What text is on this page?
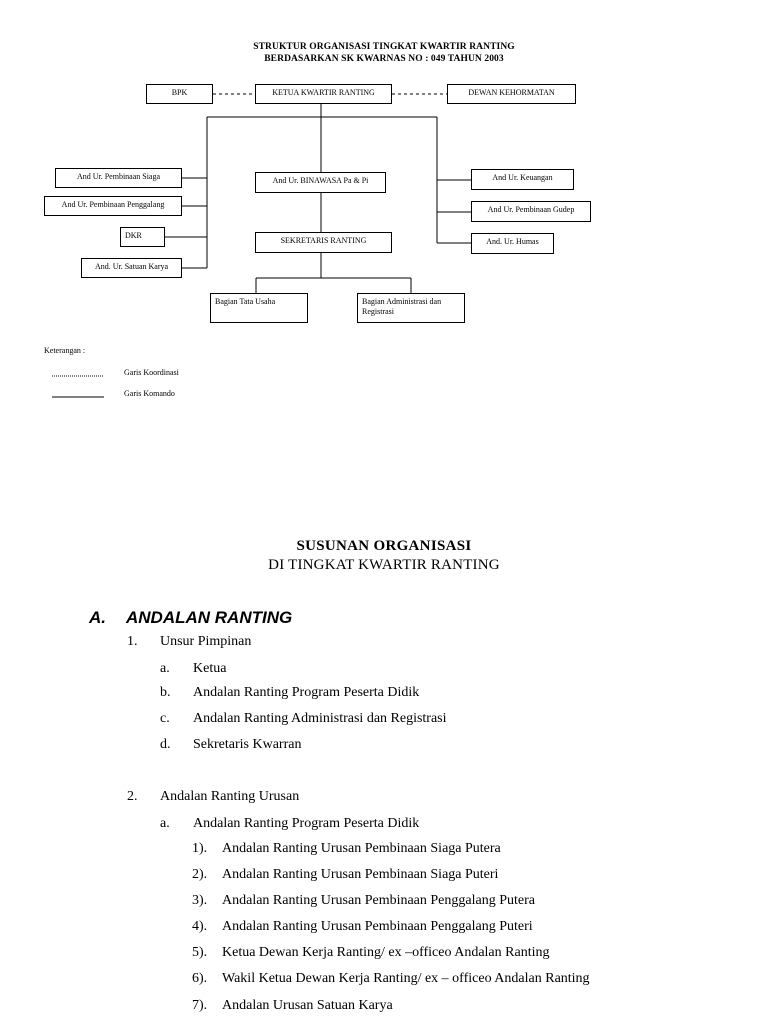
STRUKTUR ORGANISASI TINGKAT KWARTIR RANTING
BERDASARKAN SK KWARNAS NO : 049 TAHUN 2003
BPK	KETUA KWARTIR RANTING	DEWAN KEHORMATAN
And Ur. Pembinaan Siaga
And Ur. Pembinaan Penggalang
DKR
And. Ur. Satuan Karya
And Ur. BINAWASA Pa & Pi
SEKRETARIS RANTING
And Ur. Keuangan
And Ur. Pembinaan Gudep
And. Ur. Humas
Bagian Tata Usaha	Bagian Administrasi dan Registrasi
Keterangan :
Garis Koordinasi
Garis Komando
SUSUNAN ORGANISASI
DI TINGKAT KWARTIR RANTING
A. ANDALAN RANTING
1. Unsur Pimpinan
a. Ketua
b. Andalan Ranting Program Peserta Didik
c. Andalan Ranting Administrasi dan Registrasi
d. Sekretaris Kwarran
2. Andalan Ranting Urusan
a. Andalan Ranting Program Peserta Didik
1). Andalan Ranting Urusan Pembinaan Siaga Putera
2). Andalan Ranting Urusan Pembinaan Siaga Puteri
3). Andalan Ranting Urusan Pembinaan Penggalang Putera
4). Andalan Ranting Urusan Pembinaan Penggalang Puteri
5). Ketua Dewan Kerja Ranting/ ex –officeo Andalan Ranting
6). Wakil Ketua Dewan Kerja Ranting/ ex – officeo Andalan Ranting
7). Andalan Urusan Satuan Karya
